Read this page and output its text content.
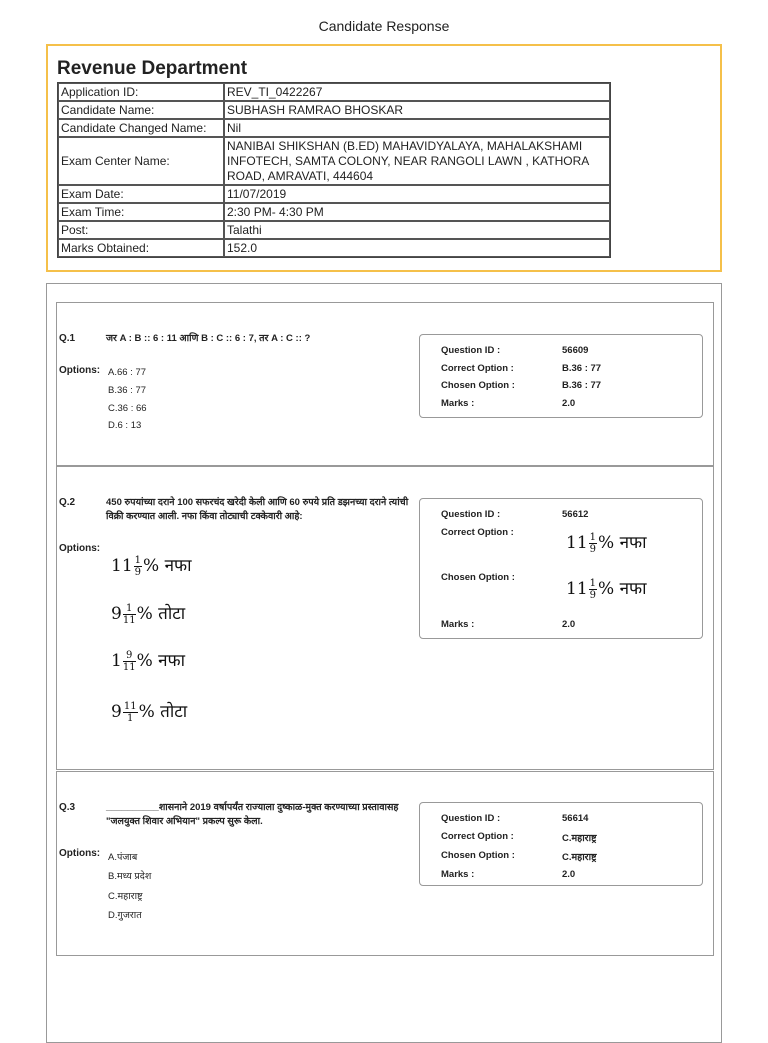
Candidate Response
Revenue Department
Application ID:	REV_TI_0422267
Candidate Name:	SUBHASH RAMRAO BHOSKAR
Candidate Changed Name:	Nil
Exam Center Name:	NANIBAI SHIKSHAN (B.ED) MAHAVIDYALAYA, MAHALAKSHAMI INFOTECH, SAMTA COLONY, NEAR RANGOLI LAWN , KATHORA ROAD, AMRAVATI, 444604
Exam Date:	11/07/2019
Exam Time:	2:30 PM- 4:30 PM
Post:	Talathi
Marks Obtained:	152.0
Q.1	जर A : B :: 6 : 11 आणि B : C :: 6 : 7, तर A : C :: ?
Options: A.66 : 77
B.36 : 77
C.36 : 66
D.6 : 13
Question ID :	56609
Correct Option :	B.36 : 77
Chosen Option :	B.36 : 77
Marks :	2.0
Q.2	450 रुपयांच्या दराने 100 सफरचंद खरेदी केली आणि 60 रुपये प्रति डझनच्या दराने त्यांची विक्री करण्यात आली. नफा किंवा तोट्याची टक्केवारी आहे:
Options:
$11 \frac{1}{9}$ % नफा
$9 \frac{1}{11}$ % तोटा
$1 \frac{9}{11}$ % नफा
$9 \frac{11}{1}$ % तोटा
Question ID :	56612
Correct Option :
$11 \frac{1}{9}$ % नफा
Chosen Option :
$11 \frac{1}{9}$ % नफा
Marks :	2.0
Q.3	__________शासनाने 2019 वर्षापर्यंत राज्याला दुष्काळ-मुक्त करण्याच्या प्रस्तावासह "जलयुक्त शिवार अभियान" प्रकल्प सुरू केला.
Options: A.पंजाब
B.मध्य प्रदेश
C.महाराष्ट्र
D.गुजरात
Question ID :	56614
Correct Option :	C.महाराष्ट्र
Chosen Option :	C.महाराष्ट्र
Marks :	2.0
